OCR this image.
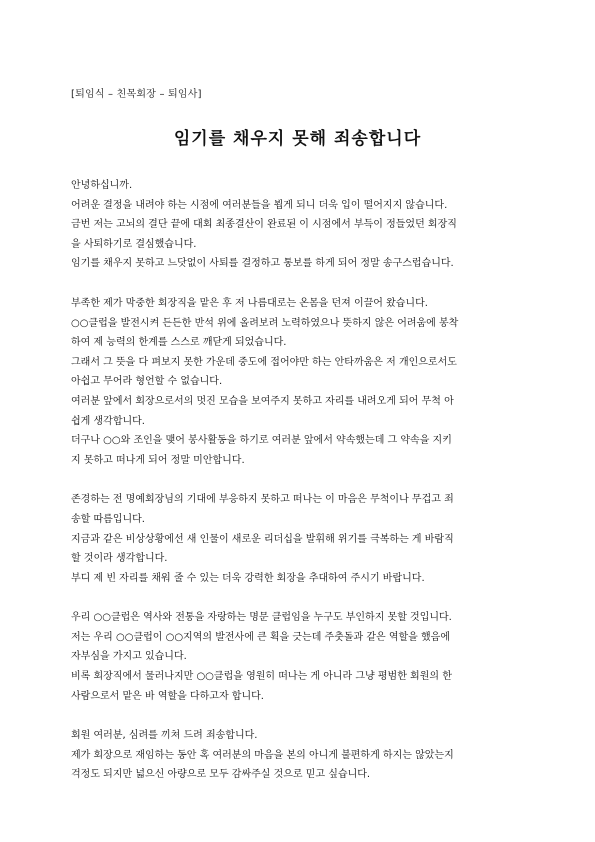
[퇴임식 – 친목회장 – 퇴임사]
임기를 채우지 못해 죄송합니다
안녕하십니까.
어려운 결정을 내려야 하는 시점에 여러분들을 뵙게 되니 더욱 입이 떨어지지 않습니다.
금번 저는 고뇌의 결단 끝에 대회 최종결산이 완료된 이 시점에서 부득이 정들었던 회장직
을 사퇴하기로 결심했습니다.
임기를 채우지 못하고 느닷없이 사퇴를 결정하고 통보를 하게 되어 정말 송구스럽습니다.
부족한 제가 막중한 회장직을 맡은 후 저 나름대로는 온몸을 던져 이끌어 왔습니다.
○○클럽을 발전시켜 든든한 반석 위에 올려보려 노력하였으나 뜻하지 않은 어려움에 봉착
하여 제 능력의 한계를 스스로 깨닫게 되었습니다.
그래서 그 뜻을 다 펴보지 못한 가운데 중도에 접어야만 하는 안타까움은 저 개인으로서도
아쉽고 무어라 형언할 수 없습니다.
여러분 앞에서 회장으로서의 멋진 모습을 보여주지 못하고 자리를 내려오게 되어 무척 아
쉽게 생각합니다.
더구나 ○○와 조인을 맺어 봉사활동을 하기로 여러분 앞에서 약속했는데 그 약속을 지키
지 못하고 떠나게 되어 정말 미안합니다.
존경하는 전 명예회장님의 기대에 부응하지 못하고 떠나는 이 마음은 무척이나 무겁고 죄
송할 따름입니다.
지금과 같은 비상상황에선 새 인물이 새로운 리더십을 발휘해 위기를 극복하는 게 바람직
할 것이라 생각합니다.
부디 제 빈 자리를 채워 줄 수 있는 더욱 강력한 회장을 추대하여 주시기 바랍니다.
우리 ○○클럽은 역사와 전통을 자랑하는 명문 클럽임을 누구도 부인하지 못할 것입니다.
저는 우리 ○○클럽이 ○○지역의 발전사에 큰 획을 긋는데 주춧돌과 같은 역할을 했음에
자부심을 가지고 있습니다.
비록 회장직에서 물러나지만 ○○클럽을 영원히 떠나는 게 아니라 그냥 평범한 회원의 한
사람으로서 맡은 바 역할을 다하고자 합니다.
회원 여러분, 심려를 끼쳐 드려 죄송합니다.
제가 회장으로 재임하는 동안 혹 여러분의 마음을 본의 아니게 불편하게 하지는 않았는지
걱정도 되지만 넓으신 아량으로 모두 감싸주실 것으로 믿고 싶습니다.
